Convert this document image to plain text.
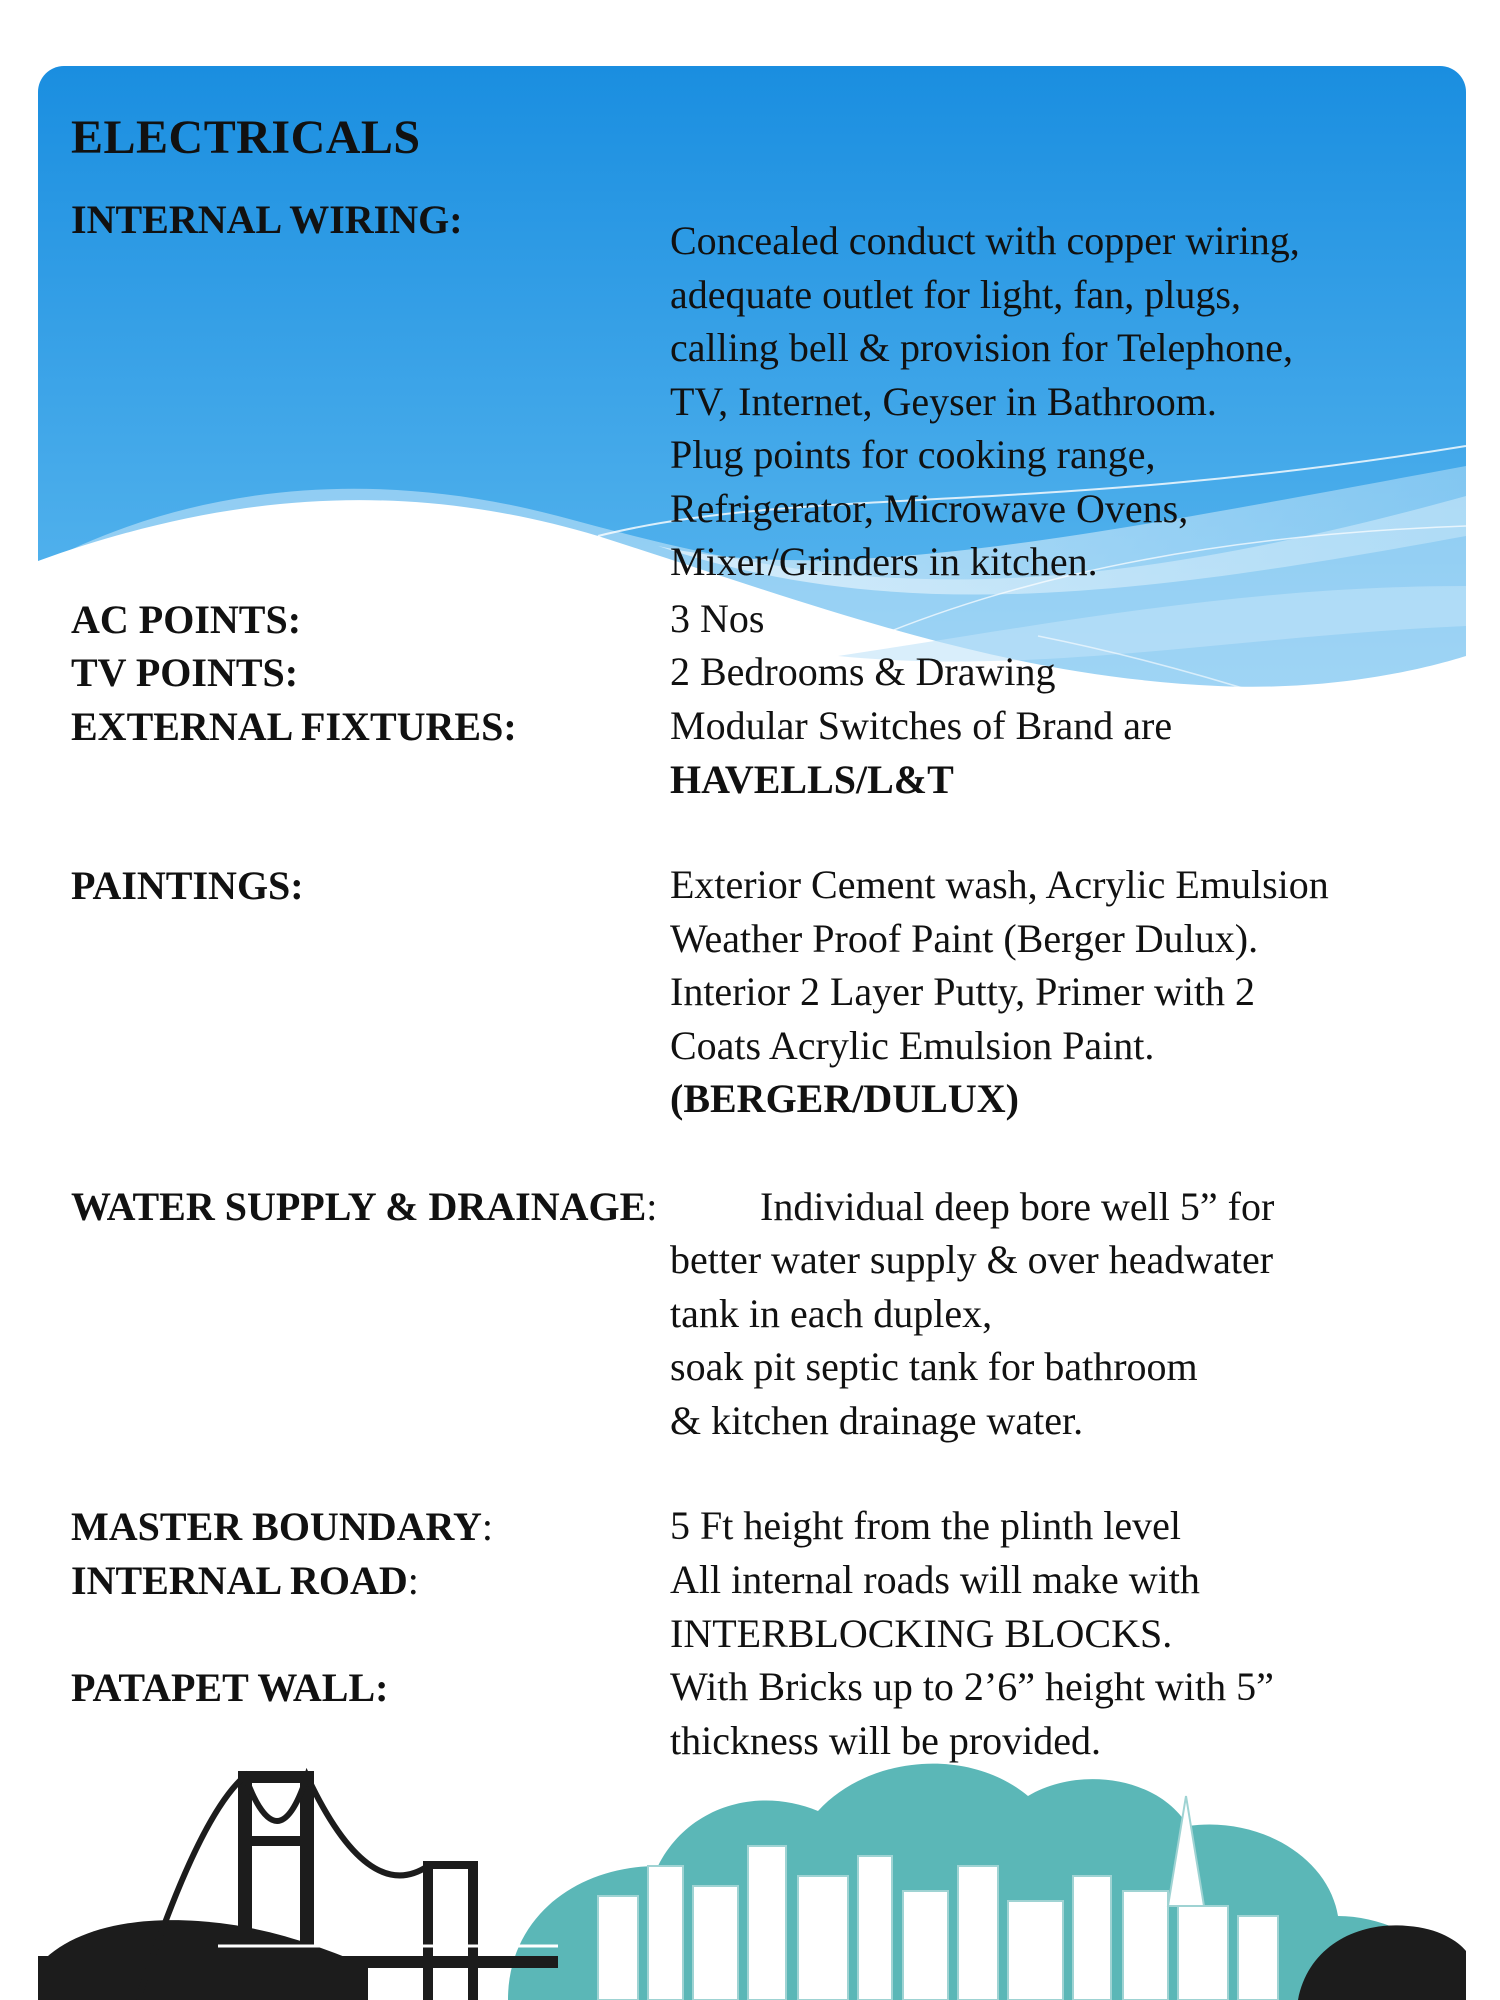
ELECTRICALS
INTERNAL WIRING:	Concealed conduct with copper wiring,
adequate outlet for light, fan, plugs,
calling bell & provision for Telephone,
TV, Internet, Geyser in Bathroom.
Plug points for cooking range,
Refrigerator, Microwave Ovens,
Mixer/Grinders in kitchen.
AC POINTS:	3 Nos
TV POINTS:	2 Bedrooms & Drawing
EXTERNAL FIXTURES:	Modular Switches of Brand are
HAVELLS/L&T
PAINTINGS:	Exterior Cement wash, Acrylic Emulsion
Weather Proof Paint (Berger Dulux).
Interior 2 Layer Putty, Primer with 2
Coats Acrylic Emulsion Paint.
(BERGER/DULUX)
WATER SUPPLY & DRAINAGE:	Individual deep bore well 5” for
better water supply & over headwater
tank in each duplex,
soak pit septic tank for bathroom
& kitchen drainage water.
MASTER BOUNDARY:	5 Ft height from the plinth level
INTERNAL ROAD:	All internal roads will make with
INTERBLOCKING BLOCKS.
PATAPET WALL:	With Bricks up to 2’6” height with 5”
thickness will be provided.
